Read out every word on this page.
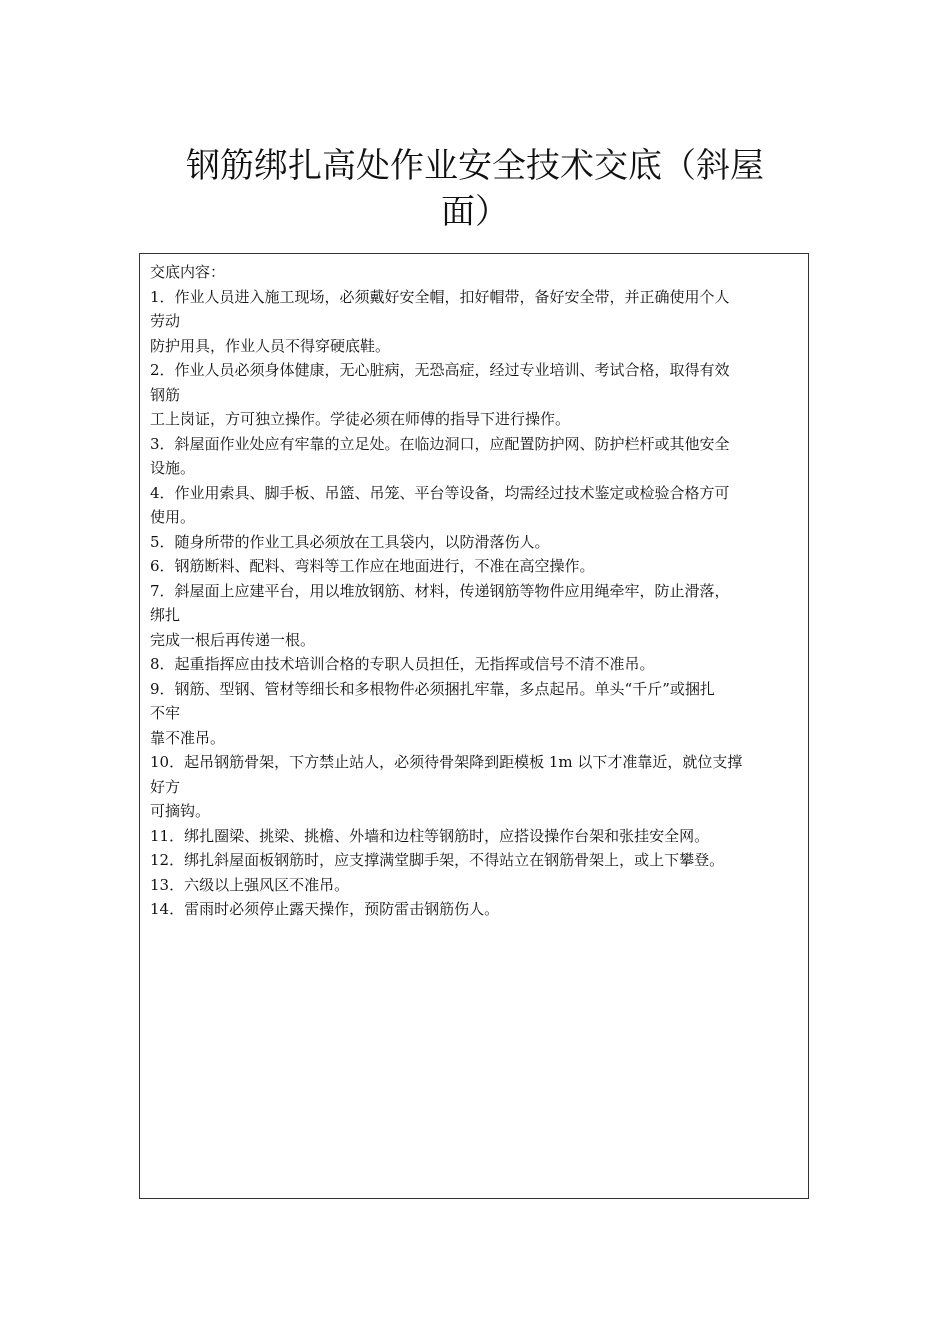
钢筋绑扎高处作业安全技术交底（斜屋
面）

交底内容：

1．作业人员进入施工现场，必须戴好安全帽，扣好帽带，备好安全带，并正确使用个人

劳动

防护用具，作业人员不得穿硬底鞋。

2．作业人员必须身体健康，无心脏病，无恐高症，经过专业培训、考试合格，取得有效

钢筋

工上岗证，方可独立操作。学徒必须在师傅的指导下进行操作。

3．斜屋面作业处应有牢靠的立足处。在临边洞口，应配置防护网、防护栏杆或其他安全

设施。

4．作业用索具、脚手板、吊篮、吊笼、平台等设备，均需经过技术鉴定或检验合格方可

使用。

5．随身所带的作业工具必须放在工具袋内，以防滑落伤人。

6．钢筋断料、配料、弯料等工作应在地面进行，不准在高空操作。

7．斜屋面上应建平台，用以堆放钢筋、材料，传递钢筋等物件应用绳牵牢，防止滑落，

绑扎

完成一根后再传递一根。

8．起重指挥应由技术培训合格的专职人员担任，无指挥或信号不清不准吊。

9．钢筋、型钢、管材等细长和多根物件必须捆扎牢靠，多点起吊。单头“千斤”或捆扎

不牢

靠不准吊。

10．起吊钢筋骨架，下方禁止站人，必须待骨架降到距模板 1m 以下才准靠近，就位支撑

好方

可摘钩。

11．绑扎圈梁、挑梁、挑檐、外墙和边柱等钢筋时，应搭设操作台架和张挂安全网。

12．绑扎斜屋面板钢筋时，应支撑满堂脚手架，不得站立在钢筋骨架上，或上下攀登。

13．六级以上强风区不准吊。

14．雷雨时必须停止露天操作，预防雷击钢筋伤人。
